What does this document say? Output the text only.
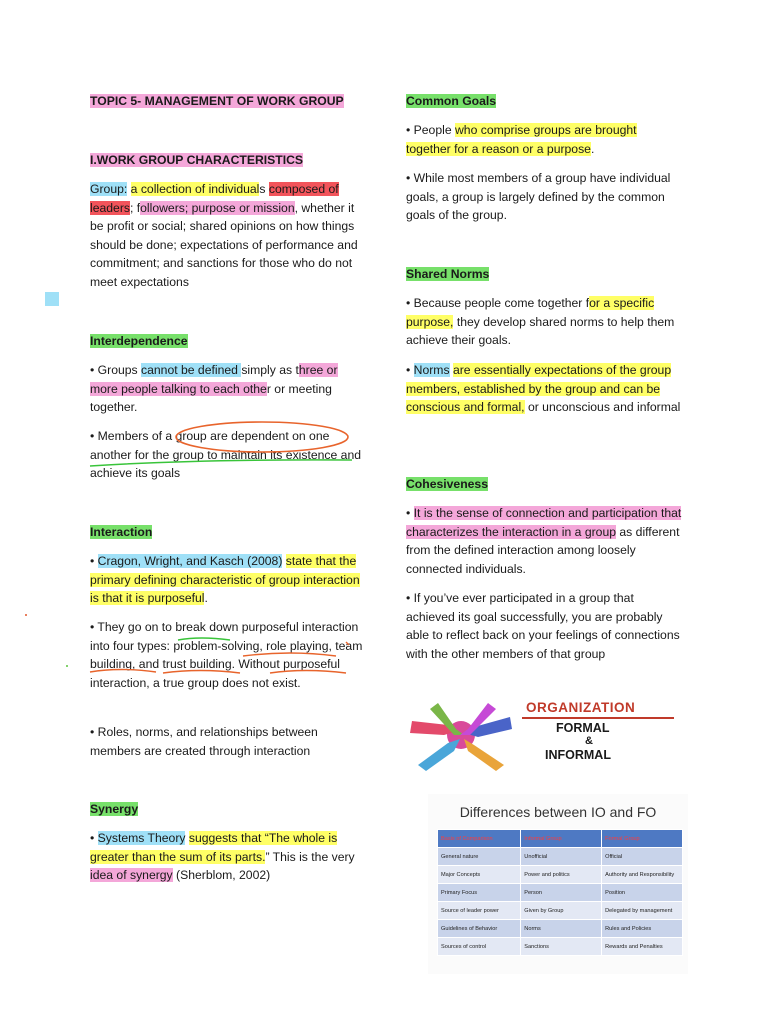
TOPIC 5- MANAGEMENT OF WORK GROUP
I.WORK GROUP CHARACTERISTICS

Group: a collection of individuals composed of leaders; followers; purpose or mission, whether it be profit or social; shared opinions on how things should be done; expectations of performance and commitment; and sanctions for those who do not meet expectations

Interdependence

• Groups cannot be defined simply as three or more people talking to each other or meeting together.

• Members of a group are dependent on one another for the group to maintain its existence and achieve its goals

Interaction

• Cragon, Wright, and Kasch (2008) state that the primary defining characteristic of group interaction is that it is purposeful.

• They go on to break down purposeful interaction into four types: problem-solving, role playing, team building, and trust building. Without purposeful interaction, a true group does not exist.

• Roles, norms, and relationships between members are created through interaction

Synergy

• Systems Theory suggests that “The whole is greater than the sum of its parts.” This is the very idea of synergy (Sherblom, 2002)

Common Goals

• People who comprise groups are brought together for a reason or a purpose.

• While most members of a group have individual goals, a group is largely defined by the common goals of the group.

Shared Norms

• Because people come together for a specific purpose, they develop shared norms to help them achieve their goals.

• Norms are essentially expectations of the group members, established by the group and can be conscious and formal, or unconscious and informal

Cohesiveness

• It is the sense of connection and participation that characterizes the interaction in a group as different from the defined interaction among loosely connected individuals.

• If you’ve ever participated in a group that achieved its goal successfully, you are probably able to reflect back on your feelings of connections with the other members of that group

ORGANIZATION
FORMAL
&
INFORMAL
Differences between IO and FO
Basis of Comparison	Informal Group	Formal Group
General nature	Unofficial	Official
Major Concepts	Power and politics	Authority and Responsibility
Primary Focus	Person	Position
Source of leader power	Given by Group	Delegated by management
Guidelines of Behavior	Norms	Rules and Policies
Sources of control	Sanctions	Rewards and Penalties
